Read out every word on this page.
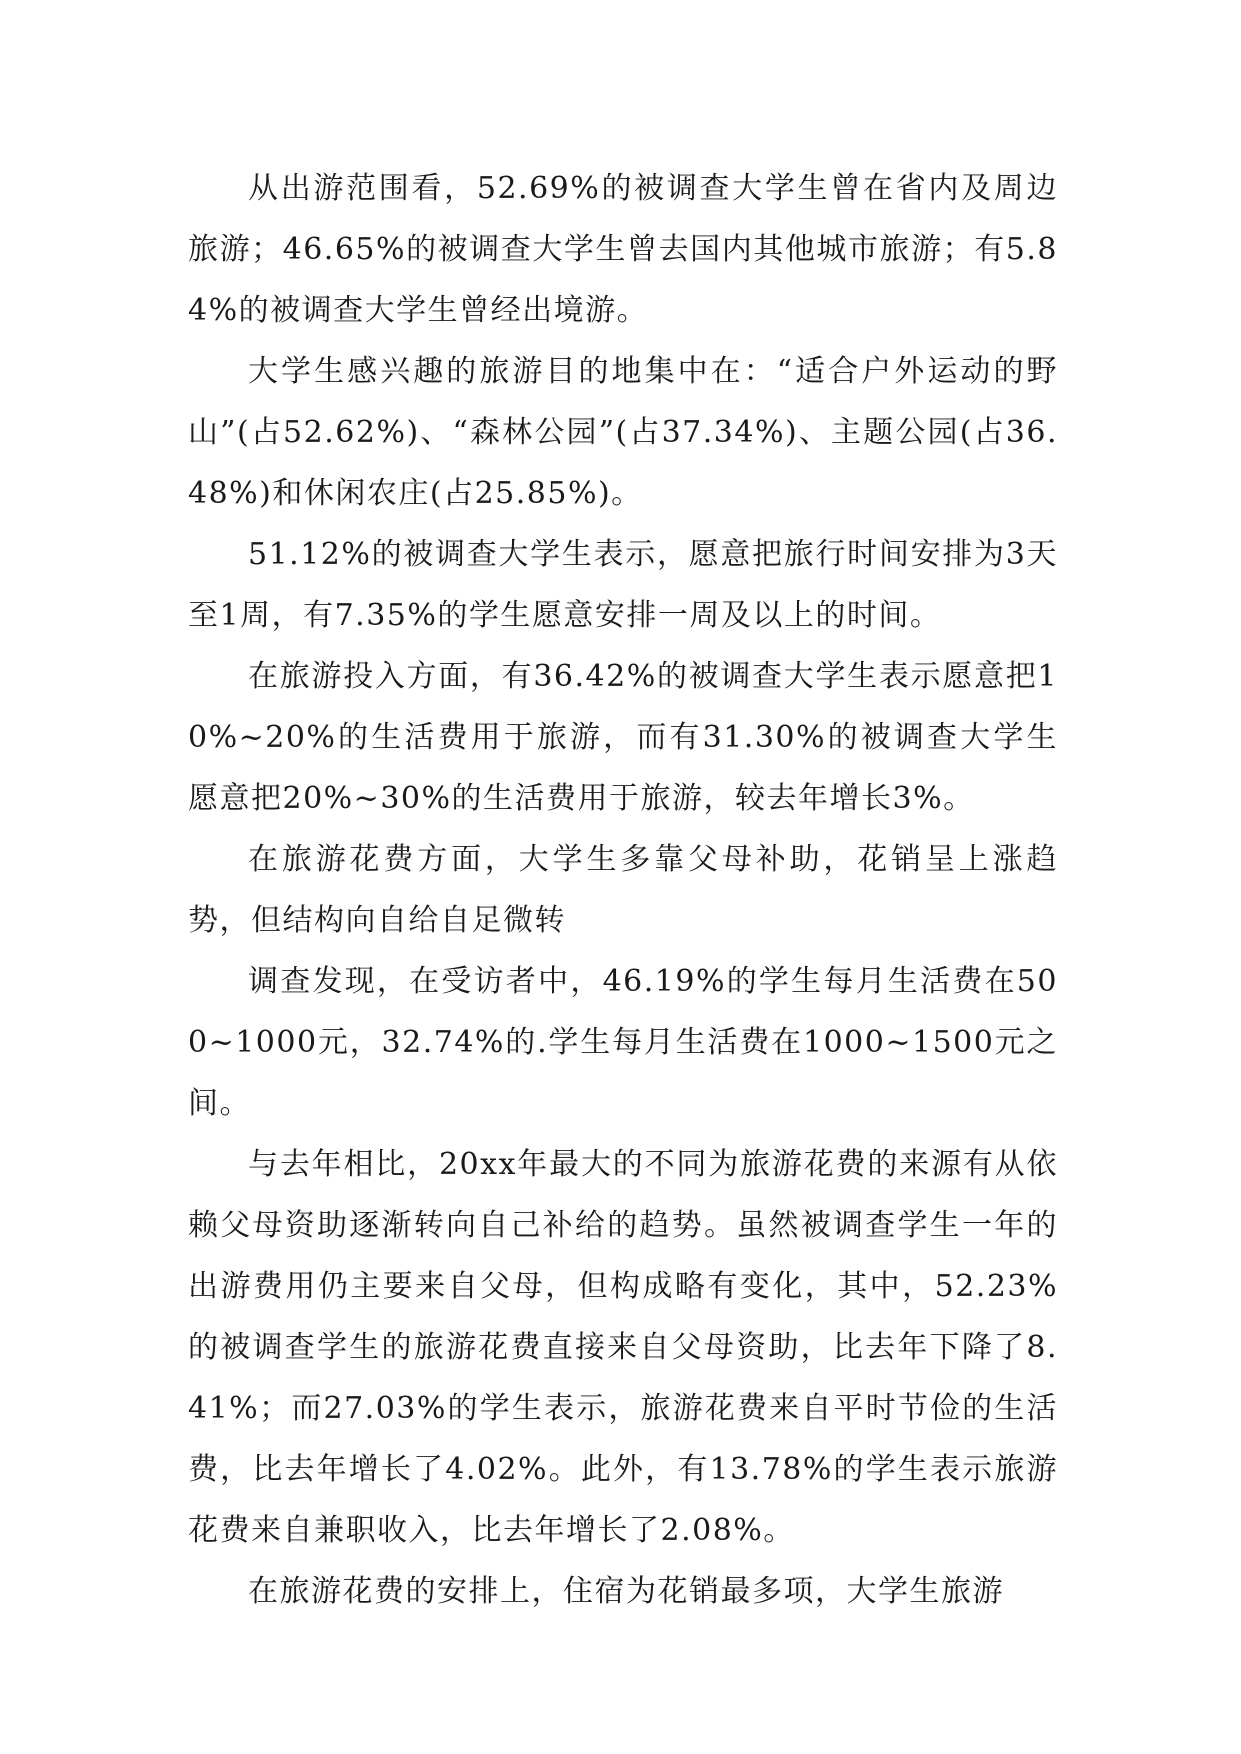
从出游范围看，52.69%的被调查大学生曾在省内及周边旅游；46.65%的被调查大学生曾去国内其他城市旅游；有5.84%的被调查大学生曾经出境游。

大学生感兴趣的旅游目的地集中在：“适合户外运动的野山”(占52.62%)、“森林公园”(占37.34%)、主题公园(占36.48%)和休闲农庄(占25.85%)。

51.12%的被调查大学生表示，愿意把旅行时间安排为3天至1周，有7.35%的学生愿意安排一周及以上的时间。

在旅游投入方面，有36.42%的被调查大学生表示愿意把10%~20%的生活费用于旅游，而有31.30%的被调查大学生愿意把20%~30%的生活费用于旅游，较去年增长3%。

在旅游花费方面，大学生多靠父母补助，花销呈上涨趋势，但结构向自给自足微转

调查发现，在受访者中，46.19%的学生每月生活费在500~1000元，32.74%的.学生每月生活费在1000~1500元之间。

与去年相比，20xx年最大的不同为旅游花费的来源有从依赖父母资助逐渐转向自己补给的趋势。虽然被调查学生一年的出游费用仍主要来自父母，但构成略有变化，其中，52.23%的被调查学生的旅游花费直接来自父母资助，比去年下降了8.41%；而27.03%的学生表示，旅游花费来自平时节俭的生活费，比去年增长了4.02%。此外，有13.78%的学生表示旅游花费来自兼职收入，比去年增长了2.08%。

在旅游花费的安排上，住宿为花销最多项，大学生旅游
